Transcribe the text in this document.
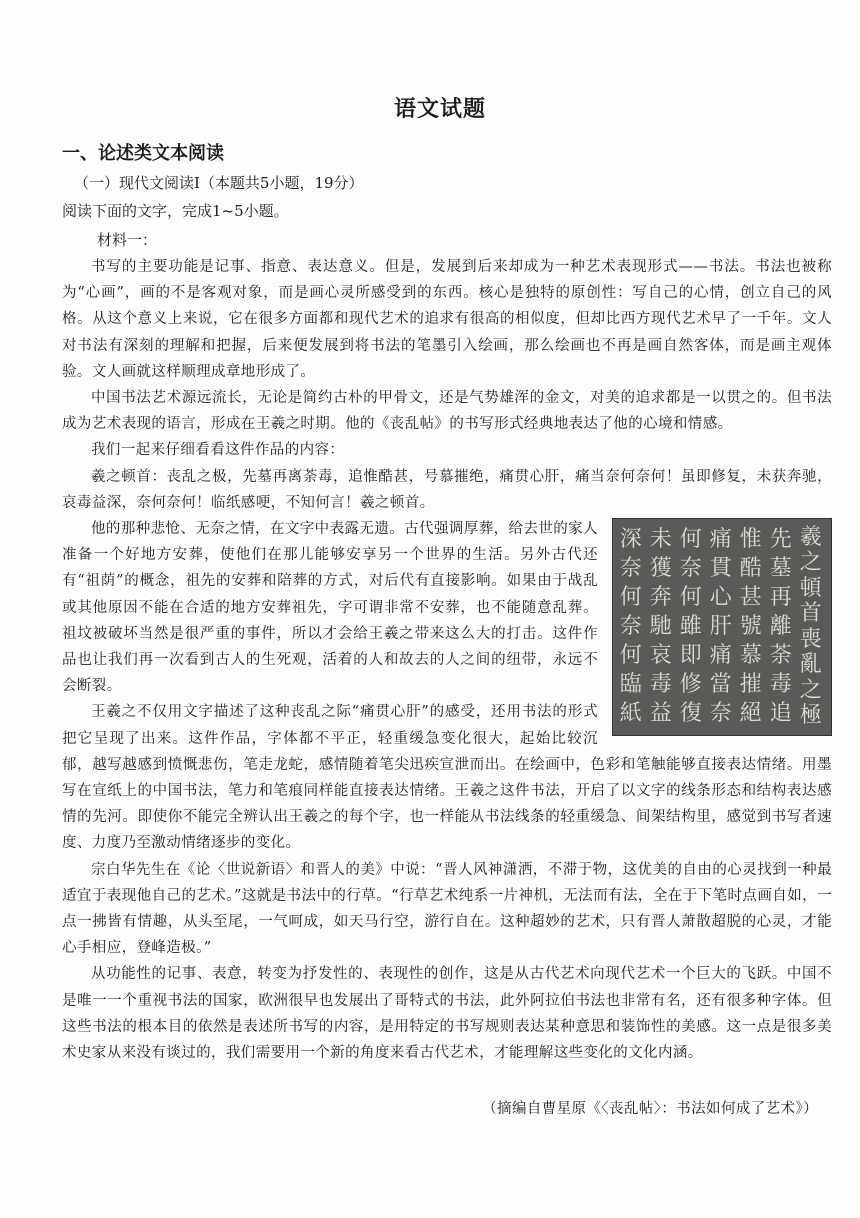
语文试题
一、论述类文本阅读
（一）现代文阅读Ⅰ（本题共5小题，19分）
阅读下面的文字，完成1~5小题。
材料一：

书写的主要功能是记事、指意、表达意义。但是，发展到后来却成为一种艺术表现形式——书法。书法也被称为“心画”，画的不是客观对象，而是画心灵所感受到的东西。核心是独特的原创性：写自己的心情，创立自己的风格。从这个意义上来说，它在很多方面都和现代艺术的追求有很高的相似度，但却比西方现代艺术早了一千年。文人对书法有深刻的理解和把握，后来便发展到将书法的笔墨引入绘画，那么绘画也不再是画自然客体，而是画主观体验。文人画就这样顺理成章地形成了。

中国书法艺术源远流长，无论是简约古朴的甲骨文，还是气势雄浑的金文，对美的追求都是一以贯之的。但书法成为艺术表现的语言，形成在王羲之时期。他的《丧乱帖》的书写形式经典地表达了他的心境和情感。

我们一起来仔细看看这件作品的内容：

羲之顿首：丧乱之极，先墓再离荼毒，追惟酷甚，号慕摧绝，痛贯心肝，痛当奈何奈何！虽即修复，未获奔驰，哀毒益深，奈何奈何！临纸感哽，不知何言！羲之顿首。

羲
之
頓
首
喪
亂
之
極
先
墓
再
離
荼
毒
追
惟
酷
甚
號
慕
摧
絕
痛
貫
心
肝
痛
當
奈
何
奈
何
雖
即
修
復
未
獲
奔
馳
哀
毒
益
深
奈
何
奈
何
臨
紙

他的那种悲怆、无奈之情，在文字中表露无遗。古代强调厚葬，给去世的家人准备一个好地方安葬，使他们在那儿能够安享另一个世界的生活。另外古代还有“祖荫”的概念，祖先的安葬和陪葬的方式，对后代有直接影响。如果由于战乱或其他原因不能在合适的地方安葬祖先，字可谓非常不安葬，也不能随意乱葬。祖坟被破坏当然是很严重的事件，所以才会给王羲之带来这么大的打击。这件作品也让我们再一次看到古人的生死观，活着的人和故去的人之间的纽带，永远不会断裂。

王羲之不仅用文字描述了这种丧乱之际“痛贯心肝”的感受，还用书法的形式把它呈现了出来。这件作品，字体都不平正，轻重缓急变化很大，起始比较沉郁，越写越感到愤慨悲伤，笔走龙蛇，感情随着笔尖迅疾宣泄而出。在绘画中，色彩和笔触能够直接表达情绪。用墨写在宣纸上的中国书法，笔力和笔痕同样能直接表达情绪。王羲之这件书法，开启了以文字的线条形态和结构表达感情的先河。即使你不能完全辨认出王羲之的每个字，也一样能从书法线条的轻重缓急、间架结构里，感觉到书写者速度、力度乃至激动情绪逐步的变化。

宗白华先生在《论〈世说新语〉和晋人的美》中说：“晋人风神潇洒，不滞于物，这优美的自由的心灵找到一种最适宜于表现他自己的艺术。”这就是书法中的行草。“行草艺术纯系一片神机，无法而有法，全在于下笔时点画自如，一点一拂皆有情趣，从头至尾，一气呵成，如天马行空，游行自在。这种超妙的艺术，只有晋人萧散超脱的心灵，才能心手相应，登峰造极。”

从功能性的记事、表意，转变为抒发性的、表现性的创作，这是从古代艺术向现代艺术一个巨大的飞跃。中国不是唯一一个重视书法的国家，欧洲很早也发展出了哥特式的书法，此外阿拉伯书法也非常有名，还有很多种字体。但这些书法的根本目的依然是表述所书写的内容，是用特定的书写规则表达某种意思和装饰性的美感。这一点是很多美术史家从来没有谈过的，我们需要用一个新的角度来看古代艺术，才能理解这些变化的文化内涵。

（摘编自曹星原《〈丧乱帖〉：书法如何成了艺术》）
